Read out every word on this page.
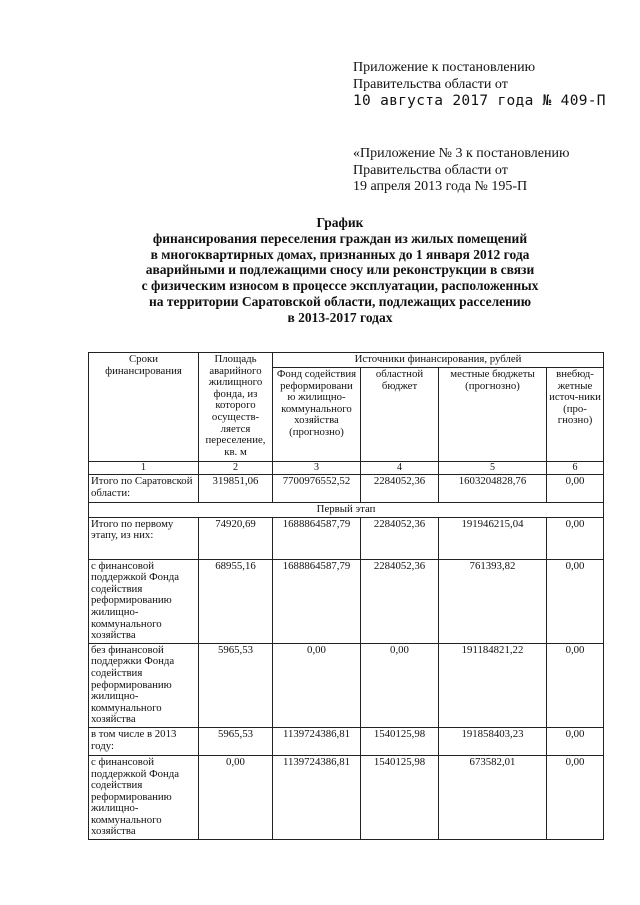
Приложение к постановлению
Правительства области от
10 августа 2017 года № 409-П
«Приложение № 3 к постановлению
Правительства области от
19 апреля 2013 года № 195-П
График
финансирования переселения граждан из жилых помещений
в многоквартирных домах, признанных до 1 января 2012 года
аварийными и подлежащими сносу или реконструкции в связи
с физическим износом в процессе эксплуатации, расположенных
на территории Саратовской области, подлежащих расселению
в 2013-2017 годах
Сроки финансирования	Площадь аварийного жилищного фонда, из которого осуществ-ляется переселение, кв. м	Источники финансирования, рублей			
		Фонд содействия реформировани ю жилищно-коммунального хозяйства (прогнозно)	областной бюджет	местные бюджеты (прогнозно)	внебюд-жетные источ-ники (про-гнозно)
1	2	3	4	5	6
Итого по Саратовской области:	319851,06	7700976552,52	2284052,36	1603204828,76	0,00
Первый этап					
Итого по первому этапу, из них:	74920,69	1688864587,79	2284052,36	191946215,04	0,00
с финансовой поддержкой Фонда содействия реформированию жилищно-коммунального хозяйства	68955,16	1688864587,79	2284052,36	761393,82	0,00
без финансовой поддержки Фонда содействия реформированию жилищно-коммунального хозяйства	5965,53	0,00	0,00	191184821,22	0,00
в том числе в 2013 году:	5965,53	1139724386,81	1540125,98	191858403,23	0,00
с финансовой поддержкой Фонда содействия реформированию жилищно-коммунального хозяйства	0,00	1139724386,81	1540125,98	673582,01	0,00
